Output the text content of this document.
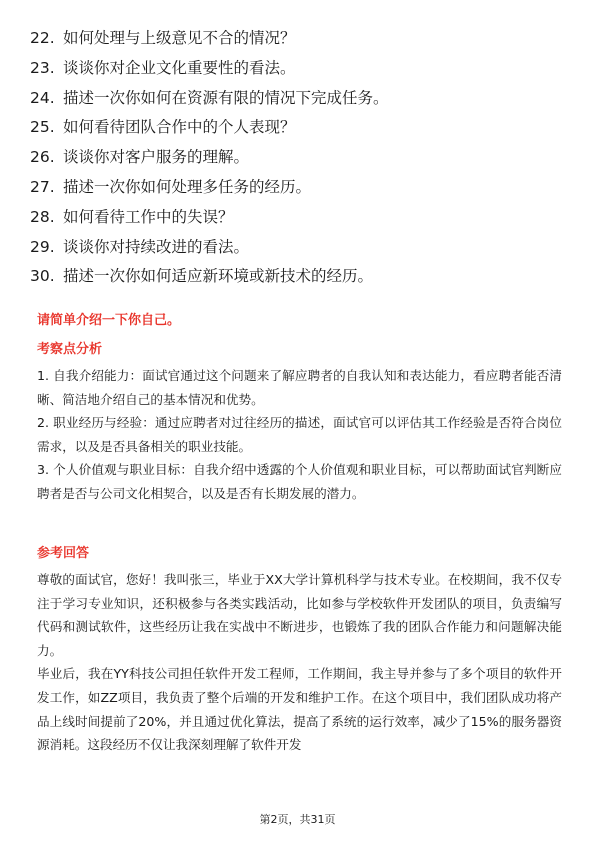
22. 如何处理与上级意见不合的情况？
23. 谈谈你对企业文化重要性的看法。
24. 描述一次你如何在资源有限的情况下完成任务。
25. 如何看待团队合作中的个人表现？
26. 谈谈你对客户服务的理解。
27. 描述一次你如何处理多任务的经历。
28. 如何看待工作中的失误？
29. 谈谈你对持续改进的看法。
30. 描述一次你如何适应新环境或新技术的经历。
请简单介绍一下你自己。
考察点分析

1. 自我介绍能力：面试官通过这个问题来了解应聘者的自我认知和表达能力，看应聘者能否清晰、简洁地介绍自己的基本情况和优势。

2. 职业经历与经验：通过应聘者对过往经历的描述，面试官可以评估其工作经验是否符合岗位需求，以及是否具备相关的职业技能。

3. 个人价值观与职业目标：自我介绍中透露的个人价值观和职业目标，可以帮助面试官判断应聘者是否与公司文化相契合，以及是否有长期发展的潜力。

参考回答

尊敬的面试官，您好！我叫张三，毕业于XX大学计算机科学与技术专业。在校期间，我不仅专注于学习专业知识，还积极参与各类实践活动，比如参与学校软件开发团队的项目，负责编写代码和测试软件，这些经历让我在实战中不断进步，也锻炼了我的团队合作能力和问题解决能力。

毕业后，我在YY科技公司担任软件开发工程师，工作期间，我主导并参与了多个项目的软件开发工作，如ZZ项目，我负责了整个后端的开发和维护工作。在这个项目中，我们团队成功将产品上线时间提前了20%，并且通过优化算法，提高了系统的运行效率，减少了15%的服务器资源消耗。这段经历不仅让我深刻理解了软件开发

第2页，共31页
